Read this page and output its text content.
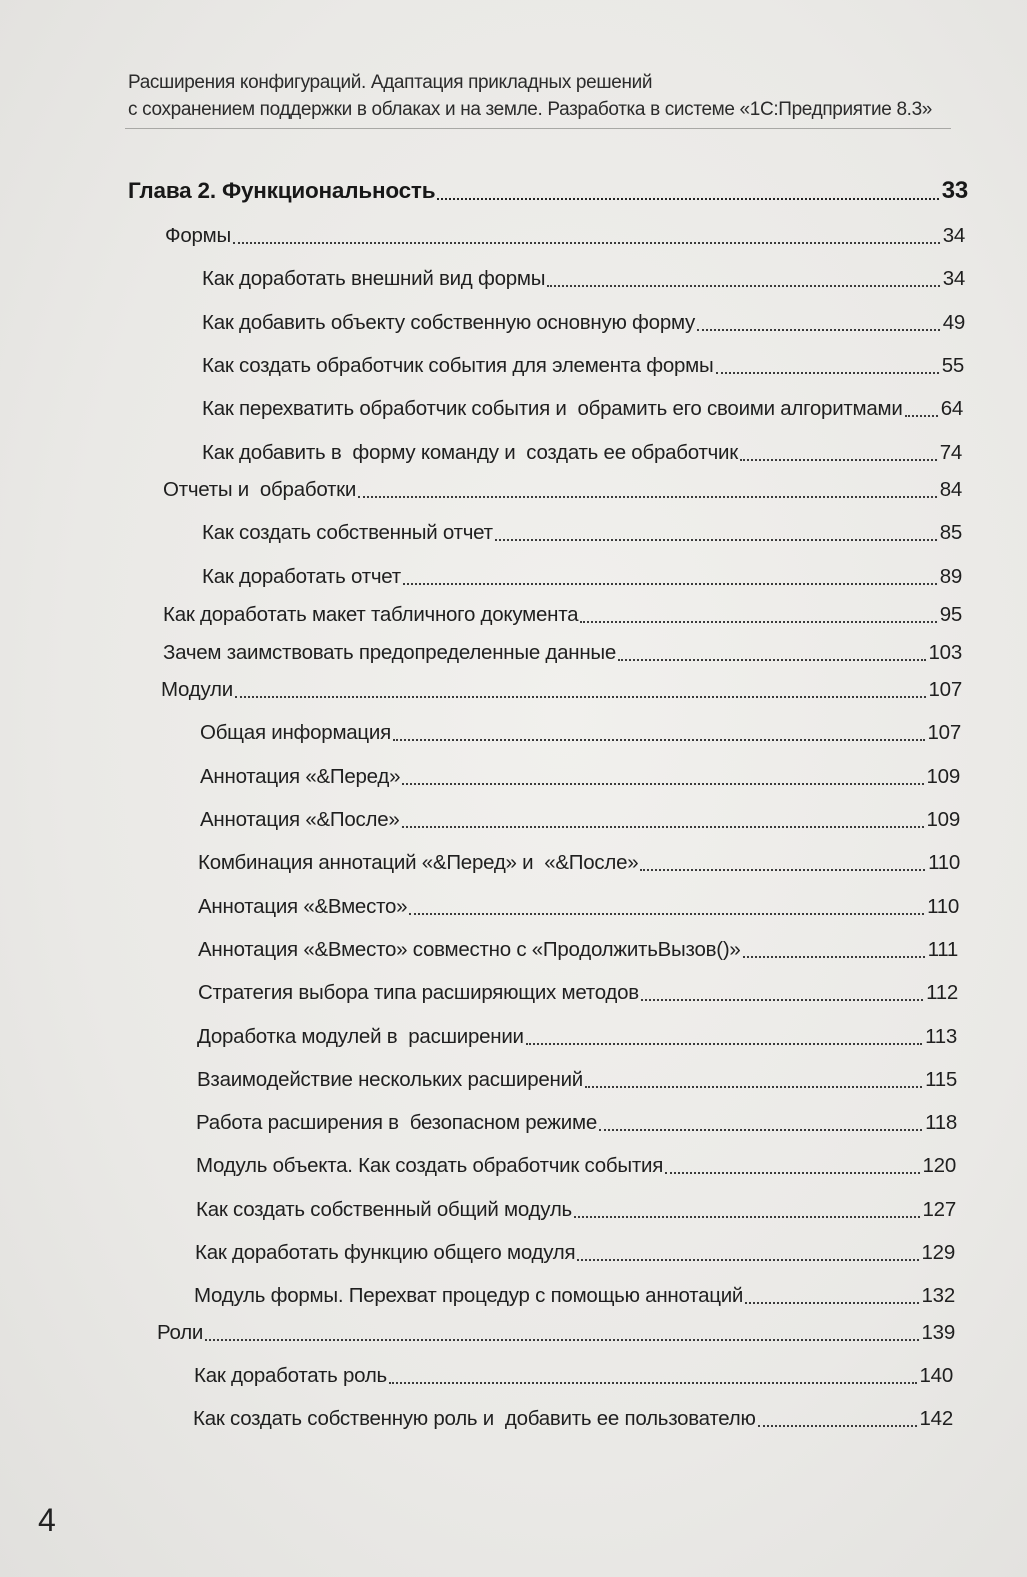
Расширения конфигураций. Адаптация прикладных решений
с сохранением поддержки в облаках и на земле. Разработка в системе «1С:Предприятие 8.3»
Глава 2. Функциональность	33
Формы	34
Как доработать внешний вид формы	34
Как добавить объекту собственную основную форму	49
Как создать обработчик события для элемента формы	55
Как перехватить обработчик события и  обрамить его своими алгоритмами 64
Как добавить в  форму команду и  создать ее обработчик	74
Отчеты и  обработки	84
Как создать собственный отчет	85
Как доработать отчет	89
Как доработать макет табличного документа	95
Зачем заимствовать предопределенные данные	103
Модули	107
Общая информация	107
Аннотация «&Перед»	109
Аннотация «&После»	109
Комбинация аннотаций «&Перед» и  «&После»	110
Аннотация «&Вместо»	110
Аннотация «&Вместо» совместно с «ПродолжитьВызов()»	111
Стратегия выбора типа расширяющих методов	112
Доработка модулей в  расширении	113
Взаимодействие нескольких расширений	115
Работа расширения в  безопасном режиме	118
Модуль объекта. Как создать обработчик события	120
Как создать собственный общий модуль	127
Как доработать функцию общего модуля	129
Модуль формы. Перехват процедур с помощью аннотаций	132
Роли	139
Как доработать роль	140
Как создать собственную роль и  добавить ее пользователю	142
4
